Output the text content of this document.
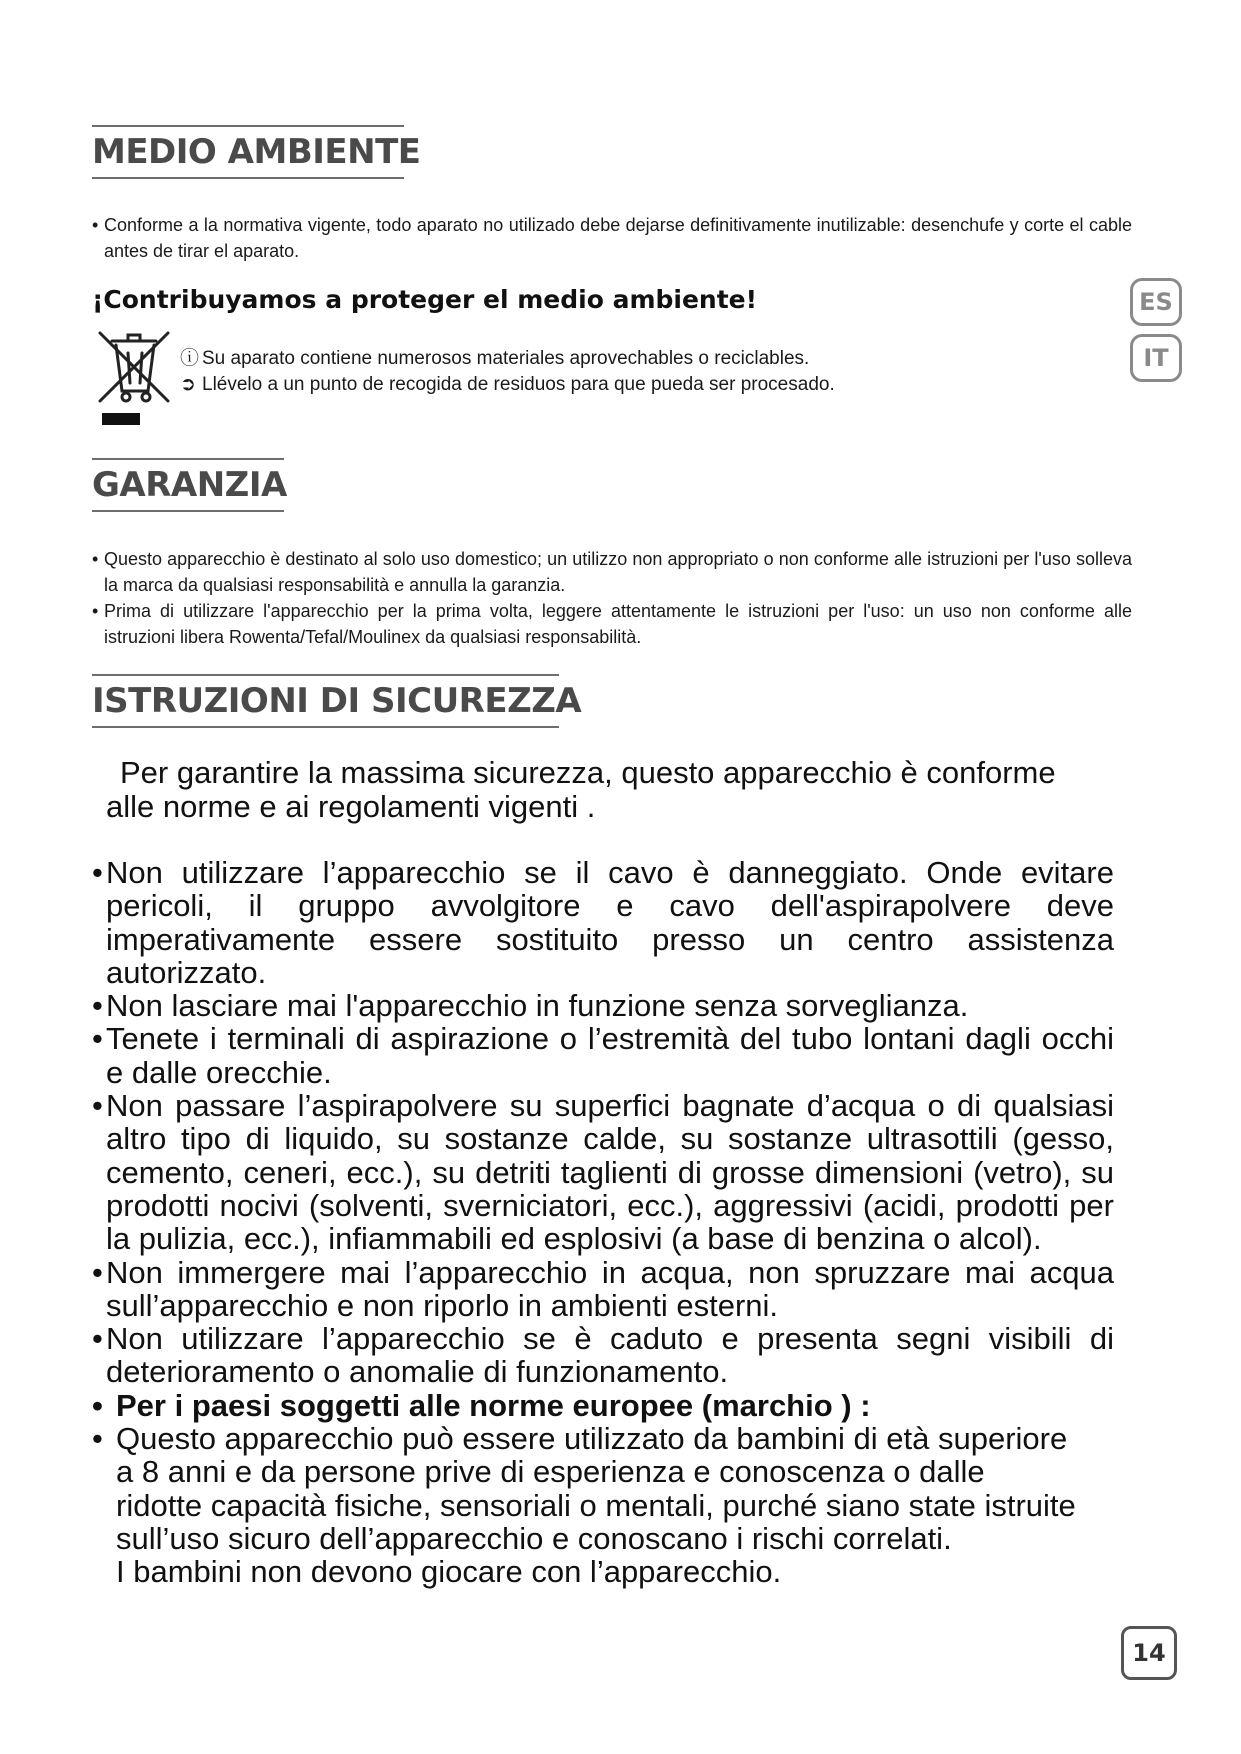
MEDIO AMBIENTE
• Conforme a la normativa vigente, todo aparato no utilizado debe dejarse definitivamente inutilizable: desenchufe y corte el cable antes de tirar el aparato.
¡Contribuyamos a proteger el medio ambiente!
ⓘ Su aparato contiene numerosos materiales aprovechables o reciclables.
➲ Llévelo a un punto de recogida de residuos para que pueda ser procesado.
ES
IT
GARANZIA
• Questo apparecchio è destinato al solo uso domestico; un utilizzo non appropriato o non conforme alle istruzioni per l'uso solleva la marca da qualsiasi responsabilità e annulla la garanzia.
• Prima di utilizzare l'apparecchio per la prima volta, leggere attentamente le istruzioni per l'uso: un uso non conforme alle istruzioni libera Rowenta/Tefal/Moulinex da qualsiasi responsabilità.
ISTRUZIONI DI SICUREZZA
Per garantire la massima sicurezza, questo apparecchio è conforme
alle norme e ai regolamenti vigenti .
• Non utilizzare l’apparecchio se il cavo è danneggiato. Onde evitare pericoli, il gruppo avvolgitore e cavo dell'aspirapolvere deve imperativamente essere sostituito presso un centro assistenza autorizzato.
• Non lasciare mai l'apparecchio in funzione senza sorveglianza.
• Tenete i terminali di aspirazione o l’estremità del tubo lontani dagli occhi e dalle orecchie.
• Non passare l’aspirapolvere su superfici bagnate d’acqua o di qualsiasi altro tipo di liquido, su sostanze calde, su sostanze ultrasottili (gesso, cemento, ceneri, ecc.), su detriti taglienti di grosse dimensioni (vetro), su prodotti nocivi (solventi, sverniciatori, ecc.), aggressivi (acidi, prodotti per la pulizia, ecc.), infiammabili ed esplosivi (a base di benzina o alcol).
• Non immergere mai l’apparecchio in acqua, non spruzzare mai acqua sull’apparecchio e non riporlo in ambienti esterni.
• Non utilizzare l’apparecchio se è caduto e presenta segni visibili di deterioramento o anomalie di funzionamento.
• Per i paesi soggetti alle norme europee (marchio ) :
• Questo apparecchio può essere utilizzato da bambini di età superiore
a 8 anni e da persone prive di esperienza e conoscenza o dalle
ridotte capacità fisiche, sensoriali o mentali, purché siano state istruite
sull’uso sicuro dell’apparecchio e conoscano i rischi correlati.
I bambini non devono giocare con l’apparecchio.
14
